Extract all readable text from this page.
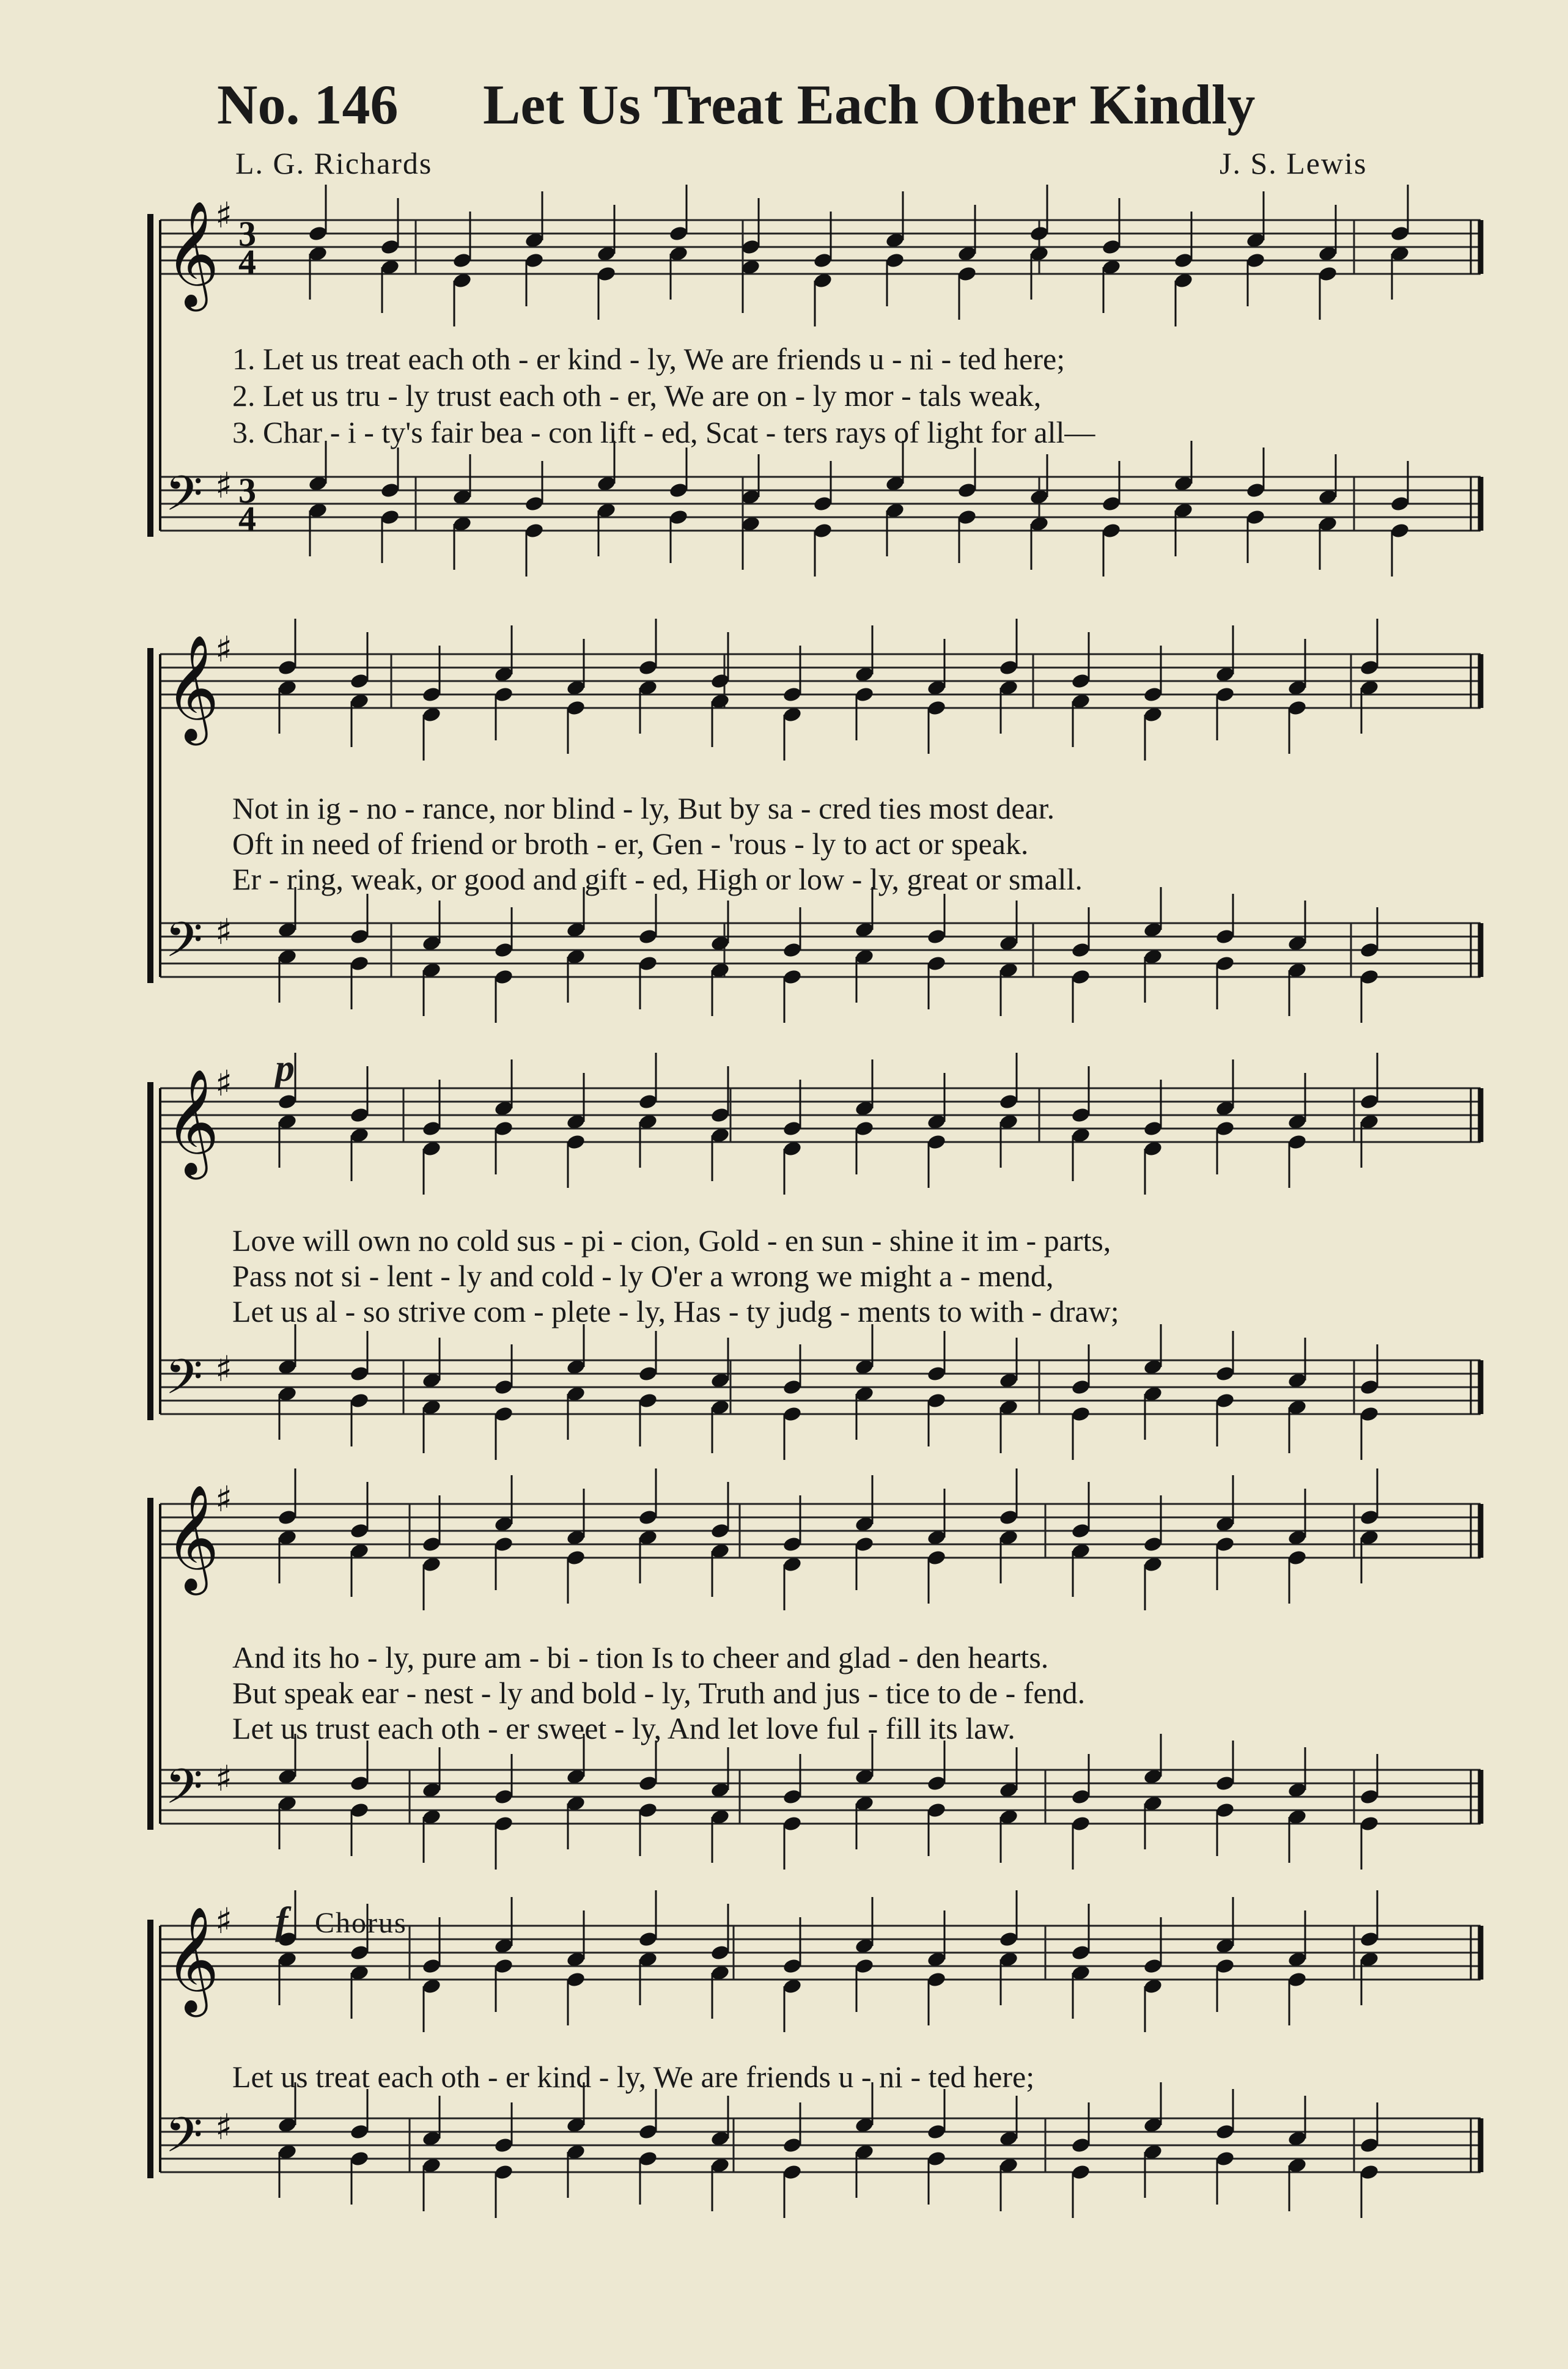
No. 146 Let Us Treat Each Other Kindly
L. G. Richards	J. S. Lewis
𝄞
♯ 3
4
𝄢 ♯ 3
4
𝄞
♯
𝄢 ♯
𝄞
♯
𝄢 ♯
𝄞
♯
𝄢 ♯
𝄞
♯
𝄢 ♯
1. Let us treat each oth - er kind - ly, We are friends u - ni - ted here;
2. Let us tru - ly trust each oth - er, We are on - ly mor - tals weak,
3. Char - i - ty's fair bea - con lift - ed, Scat - ters rays of light for all—
Not in ig - no - rance, nor blind - ly, But by sa - cred ties most dear.
Oft in need of friend or broth - er, Gen - 'rous - ly to act or speak.
Er - ring, weak, or good and gift - ed, High or low - ly, great or small.
p
Love will own no cold sus - pi - cion, Gold - en sun - shine it im - parts,
Pass not si - lent - ly and cold - ly O'er a wrong we might a - mend,
Let us al - so strive com - plete - ly, Has - ty judg - ments to with - draw;
And its ho - ly, pure am - bi - tion Is to cheer and glad - den hearts.
But speak ear - nest - ly and bold - ly, Truth and jus - tice to de - fend.
Let us trust each oth - er sweet - ly, And let love ful - fill its law.
f Chorus
Let us treat each oth - er kind - ly, We are friends u - ni - ted here;
